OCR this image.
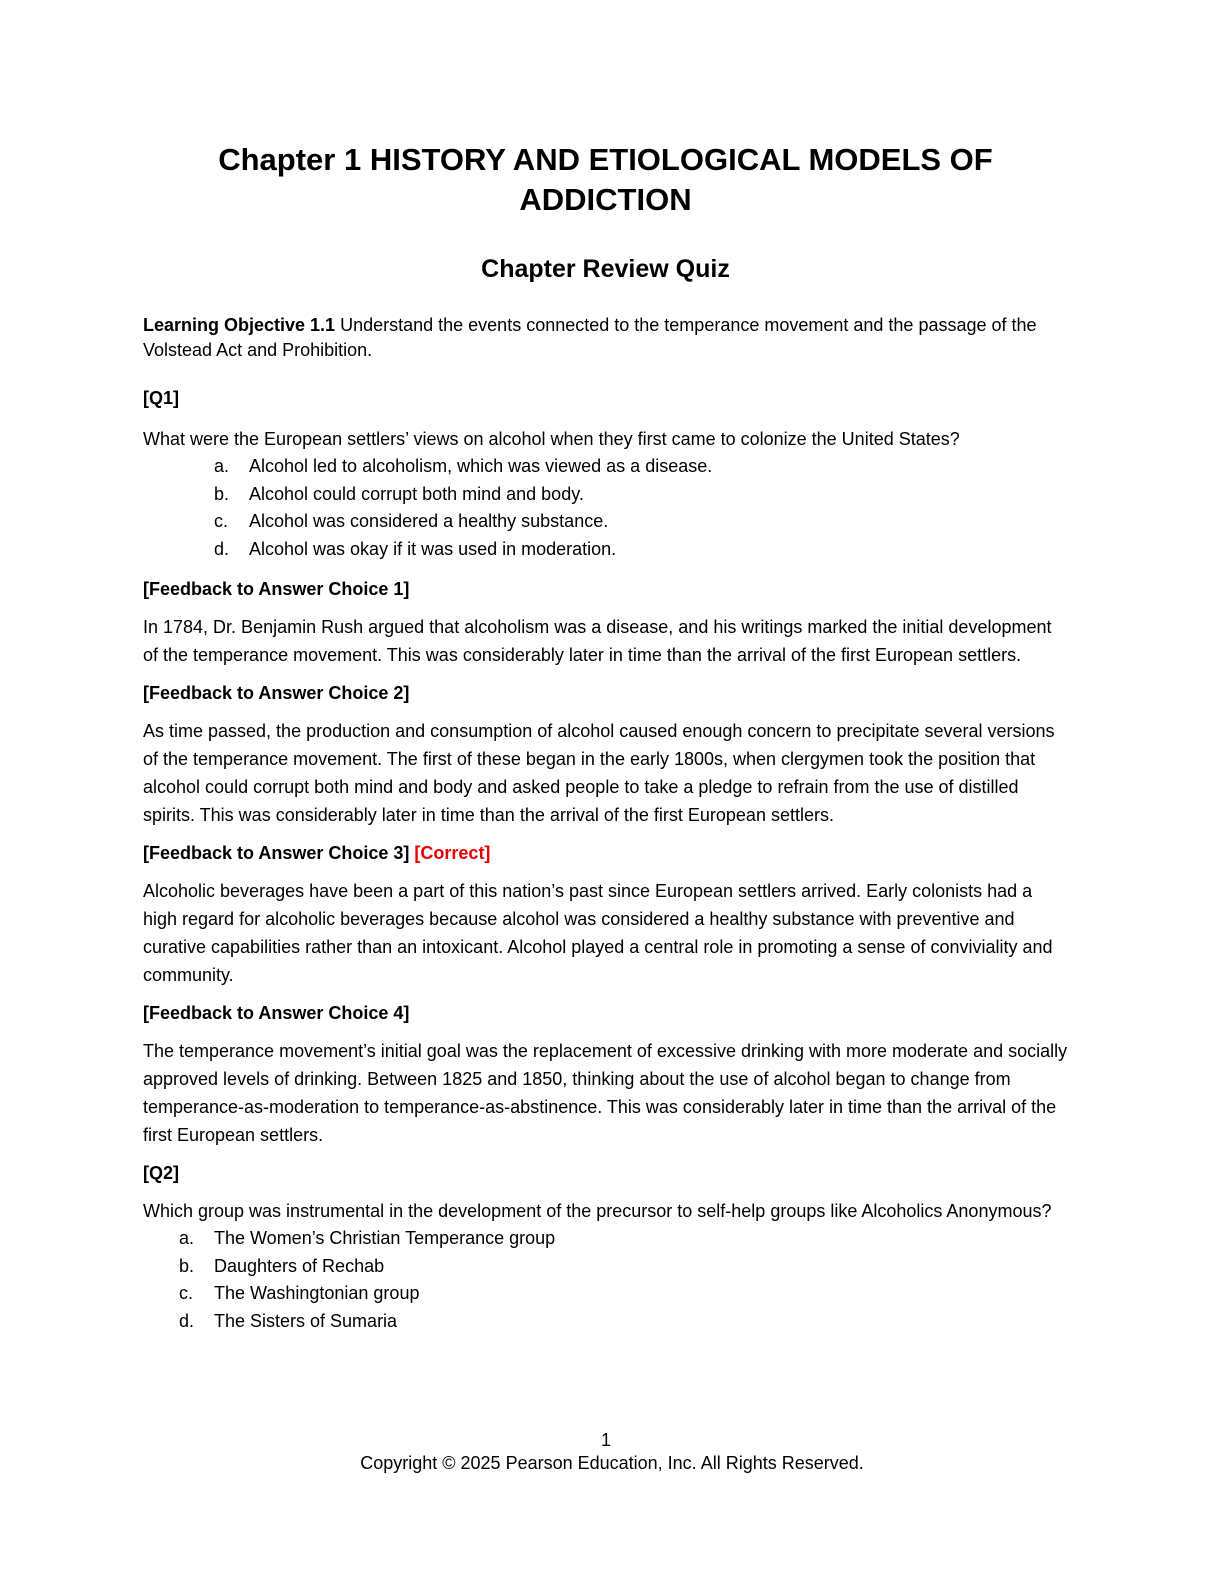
Chapter 1 HISTORY AND ETIOLOGICAL MODELS OF ADDICTION
Chapter Review Quiz

Learning Objective 1.1 Understand the events connected to the temperance movement and the passage of the Volstead Act and Prohibition.

[Q1]

What were the European settlers’ views on alcohol when they first came to colonize the United States?

a. Alcohol led to alcoholism, which was viewed as a disease.
b. Alcohol could corrupt both mind and body.
c. Alcohol was considered a healthy substance.
d. Alcohol was okay if it was used in moderation.

[Feedback to Answer Choice 1]

In 1784, Dr. Benjamin Rush argued that alcoholism was a disease, and his writings marked the initial development of the temperance movement. This was considerably later in time than the arrival of the first European settlers.

[Feedback to Answer Choice 2]

As time passed, the production and consumption of alcohol caused enough concern to precipitate several versions of the temperance movement. The first of these began in the early 1800s, when clergymen took the position that alcohol could corrupt both mind and body and asked people to take a pledge to refrain from the use of distilled spirits. This was considerably later in time than the arrival of the first European settlers.

[Feedback to Answer Choice 3] [Correct]

Alcoholic beverages have been a part of this nation’s past since European settlers arrived. Early colonists had a high regard for alcoholic beverages because alcohol was considered a healthy substance with preventive and curative capabilities rather than an intoxicant. Alcohol played a central role in promoting a sense of conviviality and community.

[Feedback to Answer Choice 4]

The temperance movement’s initial goal was the replacement of excessive drinking with more moderate and socially approved levels of drinking. Between 1825 and 1850, thinking about the use of alcohol began to change from temperance-as-moderation to temperance-as-abstinence. This was considerably later in time than the arrival of the first European settlers.

[Q2]

Which group was instrumental in the development of the precursor to self-help groups like Alcoholics Anonymous?

a. The Women’s Christian Temperance group
b. Daughters of Rechab
c. The Washingtonian group
d. The Sisters of Sumaria
1
Copyright © 2025 Pearson Education, Inc. All Rights Reserved.
